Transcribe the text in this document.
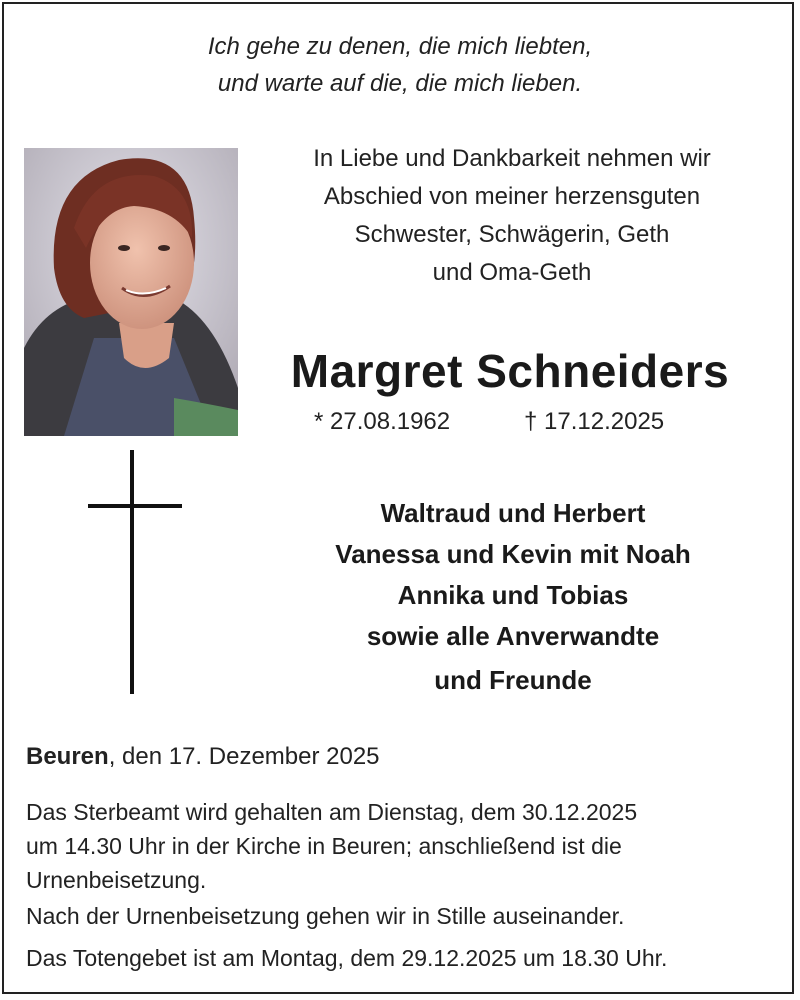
Ich gehe zu denen, die mich liebten,
und warte auf die, die mich lieben.
In Liebe und Dankbarkeit nehmen wir
Abschied von meiner herzensguten
Schwester, Schwägerin, Geth
und Oma-Geth
Margret Schneiders
* 27.08.1962	† 17.12.2025
Waltraud und Herbert
Vanessa und Kevin mit Noah
Annika und Tobias
sowie alle Anverwandte
und Freunde
Beuren, den 17. Dezember 2025
Das Sterbeamt wird gehalten am Dienstag, dem 30.12.2025
um 14.30 Uhr in der Kirche in Beuren; anschließend ist die
Urnenbeisetzung.
Nach der Urnenbeisetzung gehen wir in Stille auseinander.
Das Totengebet ist am Montag, dem 29.12.2025 um 18.30 Uhr.
